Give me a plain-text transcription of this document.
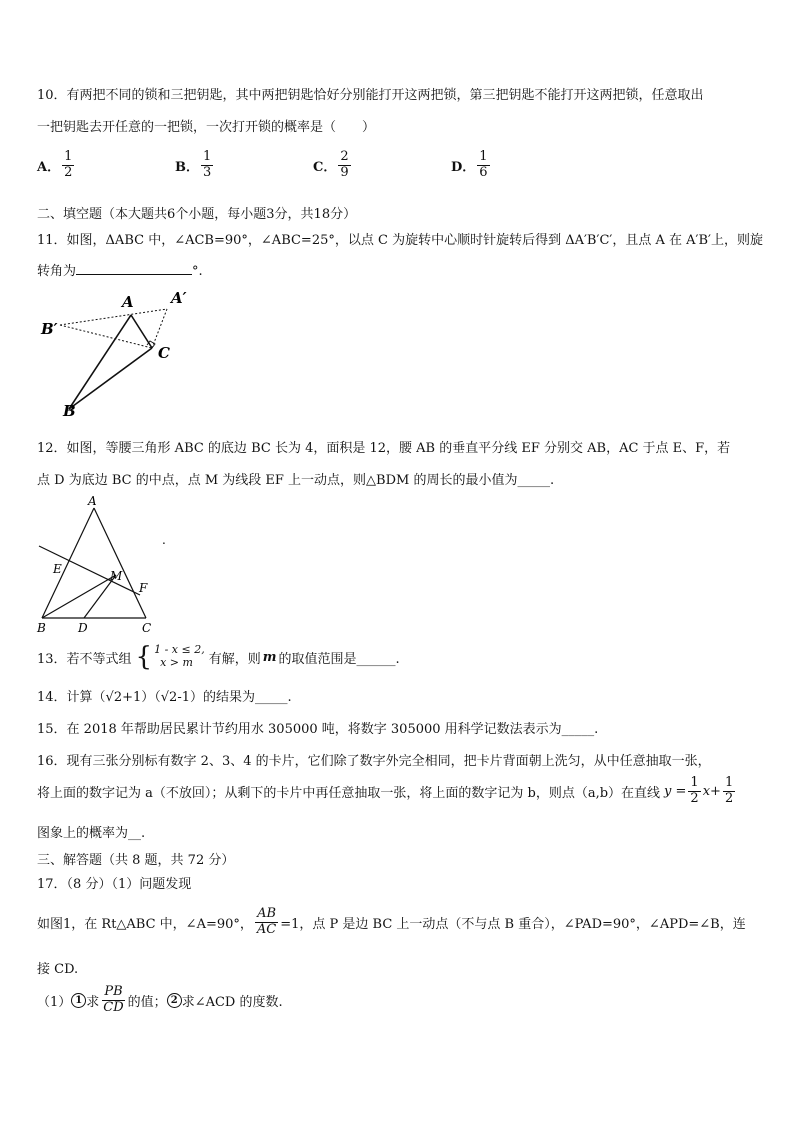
10．有两把不同的锁和三把钥匙，其中两把钥匙恰好分别能打开这两把锁，第三把钥匙不能打开这两把锁，任意取出
一把钥匙去开任意的一把锁，一次打开锁的概率是（　　）
A． $\frac{1}{2}$	B． $\frac{1}{3}$	C． $\frac{2}{9}$	D． $\frac{1}{6}$
二、填空题（本大题共6个小题，每小题3分，共18分）
11．如图，ΔABC 中，∠ACB=90°，∠ABC=25°，以点 C 为旋转中心顺时针旋转后得到 ΔA′B′C′，且点 A 在 A′B′上，则旋
转角为	°.
A A′
B′
C
B
12．如图，等腰三角形 ABC 的底边 BC 长为 4，面积是 12，腰 AB 的垂直平分线 EF 分别交 AB，AC 于点 E、F，若
点 D 为底边 BC 的中点，点 M 为线段 EF 上一动点，则△BDM 的周长的最小值为_____.
A
E	M
F
B	D	C
.
13．若不等式组 { 1 - x ≤ 2,
x > m	有解，则 m 的取值范围是______.
14．计算（√2+1）（√2-1）的结果为_____.
15．在 2018 年帮助居民累计节约用水 305000 吨，将数字 305000 用科学记数法表示为_____.
16．现有三张分别标有数字 2、3、4 的卡片，它们除了数字外完全相同，把卡片背面朝上洗匀，从中任意抽取一张，
将上面的数字记为 a（不放回）；从剩下的卡片中再任意抽取一张，将上面的数字记为 b，则点（a,b）在直线 $y = \frac{1}{2} x+ \frac{1}{2}$
图象上的概率为__.
三、解答题（共 8 题，共 72 分）
17．（8 分）（1）问题发现
如图1，在 Rt△ABC 中，∠A=90°， $\frac{AB}{AC} =1$，点 P 是边 BC 上一动点（不与点 B 重合），∠PAD=90°，∠APD=∠B，连
接 CD.
（1） 1 求 $\frac{PB}{CD}$ 的值； 2 求∠ACD 的度数.
